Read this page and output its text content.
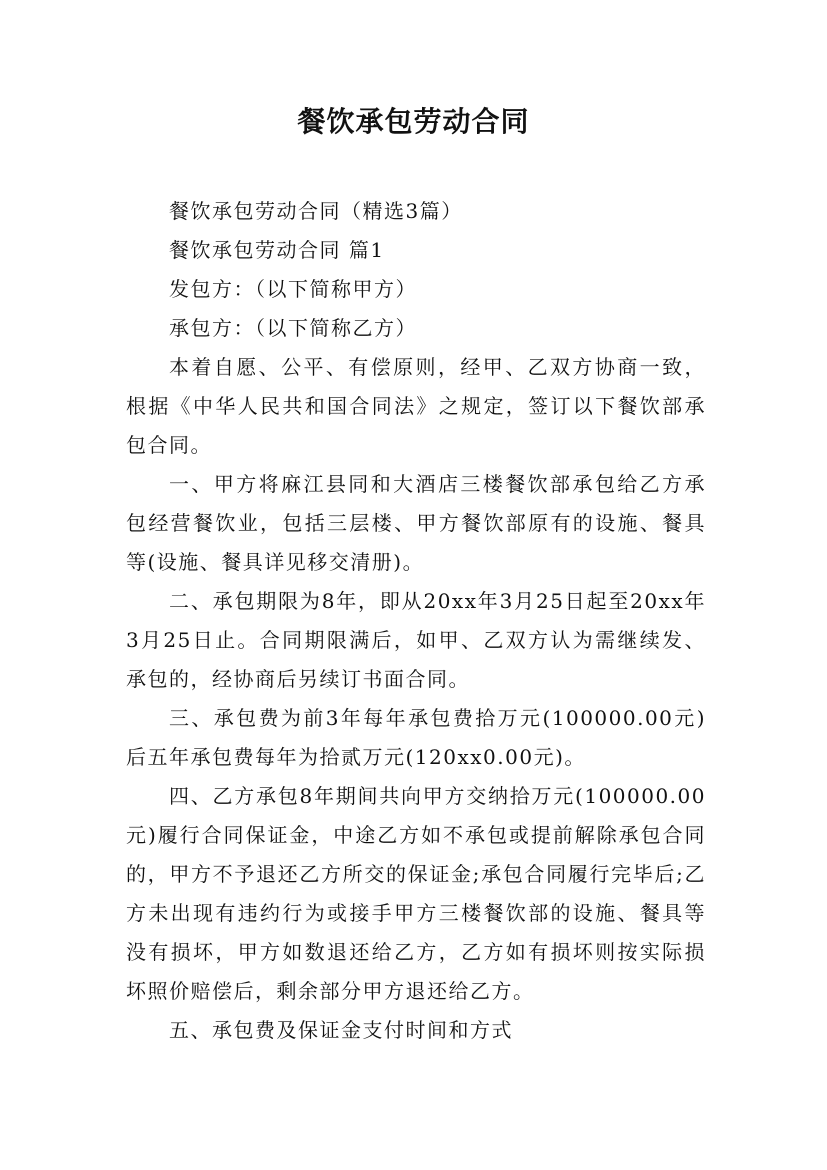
餐饮承包劳动合同

餐饮承包劳动合同（精选3篇）

餐饮承包劳动合同 篇1

发包方：（以下简称甲方）

承包方：（以下简称乙方）

本着自愿、公平、有偿原则，经甲、乙双方协商一致，根据《中华人民共和国合同法》之规定，签订以下餐饮部承包合同。

一、甲方将麻江县同和大酒店三楼餐饮部承包给乙方承包经营餐饮业，包括三层楼、甲方餐饮部原有的设施、餐具等(设施、餐具详见移交清册)。

二、承包期限为8年，即从20xx年3月25日起至20xx年3月25日止。合同期限满后，如甲、乙双方认为需继续发、承包的，经协商后另续订书面合同。

三、承包费为前3年每年承包费拾万元(100000.00元)后五年承包费每年为拾贰万元(120xx0.00元)。

四、乙方承包8年期间共向甲方交纳拾万元(100000.00元)履行合同保证金，中途乙方如不承包或提前解除承包合同的，甲方不予退还乙方所交的保证金;承包合同履行完毕后;乙方未出现有违约行为或接手甲方三楼餐饮部的设施、餐具等没有损坏，甲方如数退还给乙方，乙方如有损坏则按实际损坏照价赔偿后，剩余部分甲方退还给乙方。

五、承包费及保证金支付时间和方式
